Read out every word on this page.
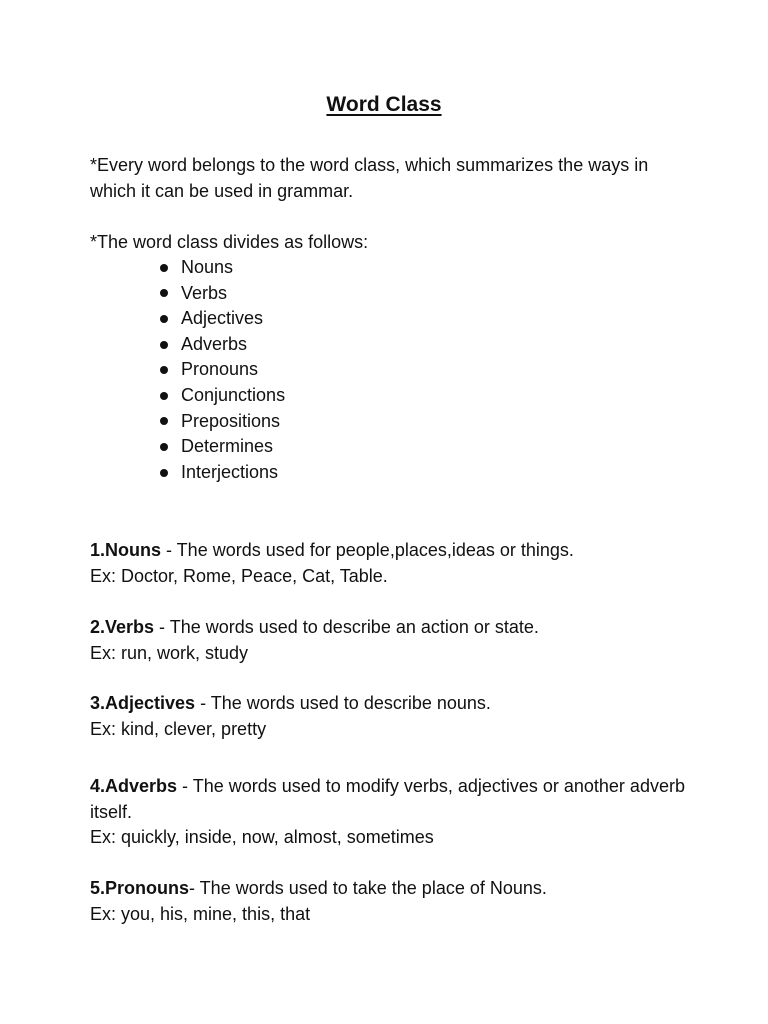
Word Class
*Every word belongs to the word class, which summarizes the ways in which it can be used in grammar.
*The word class divides as follows:
Nouns
Verbs
Adjectives
Adverbs
Pronouns
Conjunctions
Prepositions
Determines
Interjections
1.Nouns - The words used for people,places,ideas or things.
Ex: Doctor, Rome, Peace, Cat, Table.
2.Verbs - The words used to describe an action or state.
Ex: run, work, study
3.Adjectives - The words used to describe nouns.
Ex: kind, clever, pretty
4.Adverbs - The words used to modify verbs, adjectives or another adverb itself.
Ex: quickly, inside, now, almost, sometimes
5.Pronouns- The words used to take the place of Nouns.
Ex: you, his, mine, this, that
